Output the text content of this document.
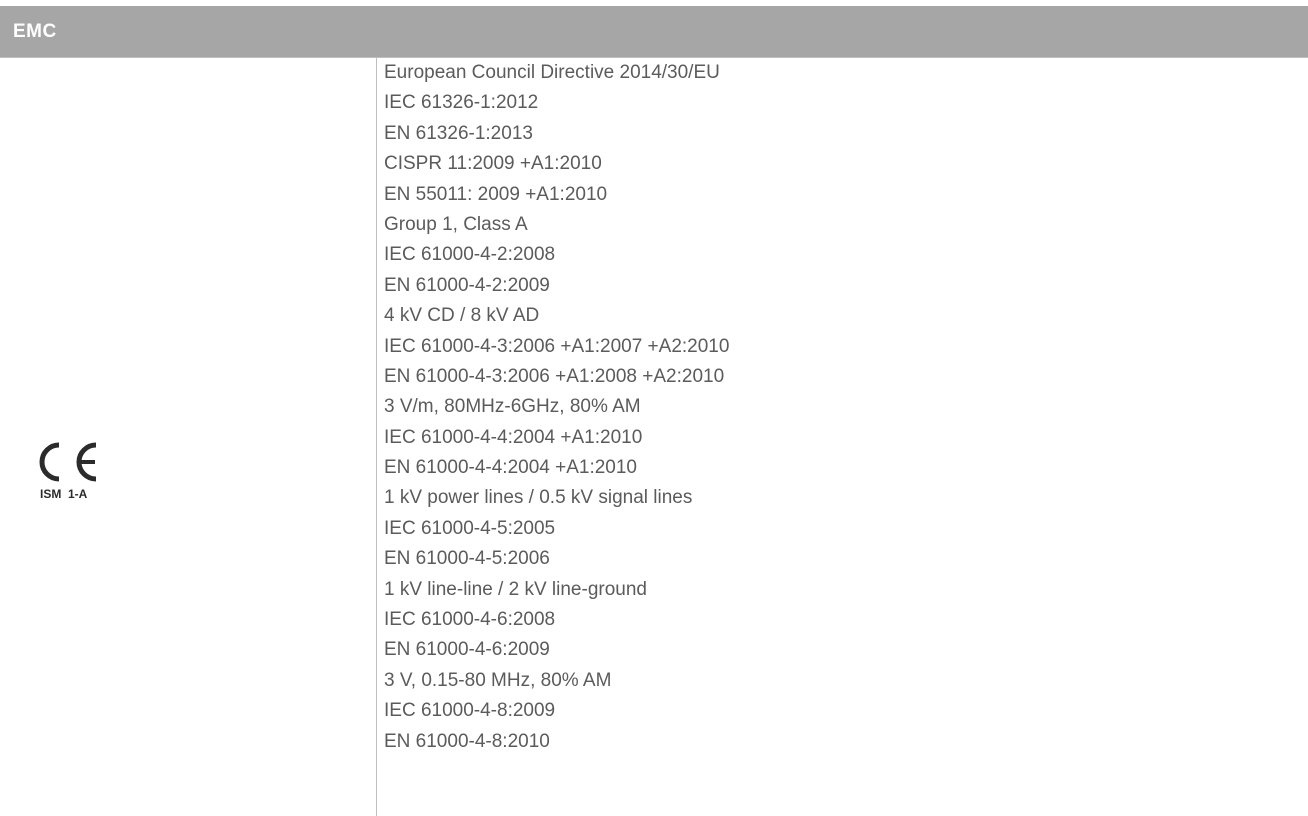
EMC
ISM  1-A
European Council Directive 2014/30/EU
IEC 61326-1:2012
EN 61326-1:2013
CISPR 11:2009 +A1:2010
EN 55011: 2009 +A1:2010
Group 1, Class A
IEC 61000-4-2:2008
EN 61000-4-2:2009
4 kV CD / 8 kV AD
IEC 61000-4-3:2006 +A1:2007 +A2:2010
EN 61000-4-3:2006 +A1:2008 +A2:2010
3 V/m, 80MHz-6GHz, 80% AM
IEC 61000-4-4:2004 +A1:2010
EN 61000-4-4:2004 +A1:2010
1 kV power lines / 0.5 kV signal lines
IEC 61000-4-5:2005
EN 61000-4-5:2006
1 kV line-line / 2 kV line-ground
IEC 61000-4-6:2008
EN 61000-4-6:2009
3 V, 0.15-80 MHz, 80% AM
IEC 61000-4-8:2009
EN 61000-4-8:2010
